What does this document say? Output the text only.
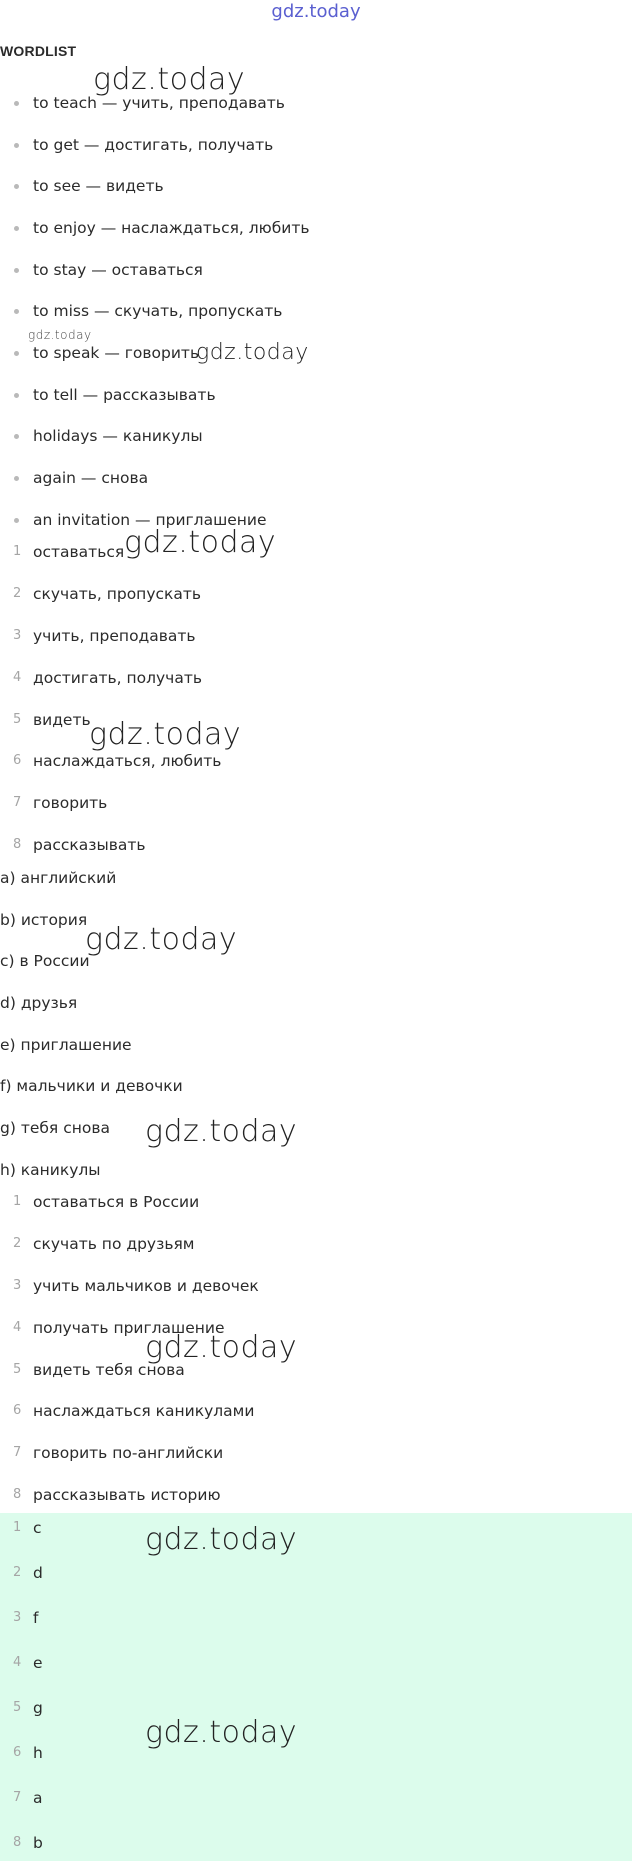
gdz.today
WORDLIST
to teach — учить, преподавать
to get — достигать, получать
to see — видеть
to enjoy — наслаждаться, любить
to stay — оставаться
to miss — скучать, пропускать
to speak — говорить
to tell — рассказывать
holidays — каникулы
again — снова
an invitation — приглашение
1 оставаться
2 скучать, пропускать
3 учить, преподавать
4 достигать, получать
5 видеть
6 наслаждаться, любить
7 говорить
8 рассказывать
a) английский
b) история
c) в России
d) друзья
e) приглашение
f) мальчики и девочки
g) тебя снова
h) каникулы
1 оставаться в России
2 скучать по друзьям
3 учить мальчиков и девочек
4 получать приглашение
5 видеть тебя снова
6 наслаждаться каникулами
7 говорить по-английски
8 рассказывать историю
1 c
2 d
3 f
4 e
5 g
6 h
7 a
8 b
gdz.today
gdz.today
gdz.today
gdz.today
gdz.today
gdz.today
gdz.today
gdz.today
gdz.today
gdz.today
